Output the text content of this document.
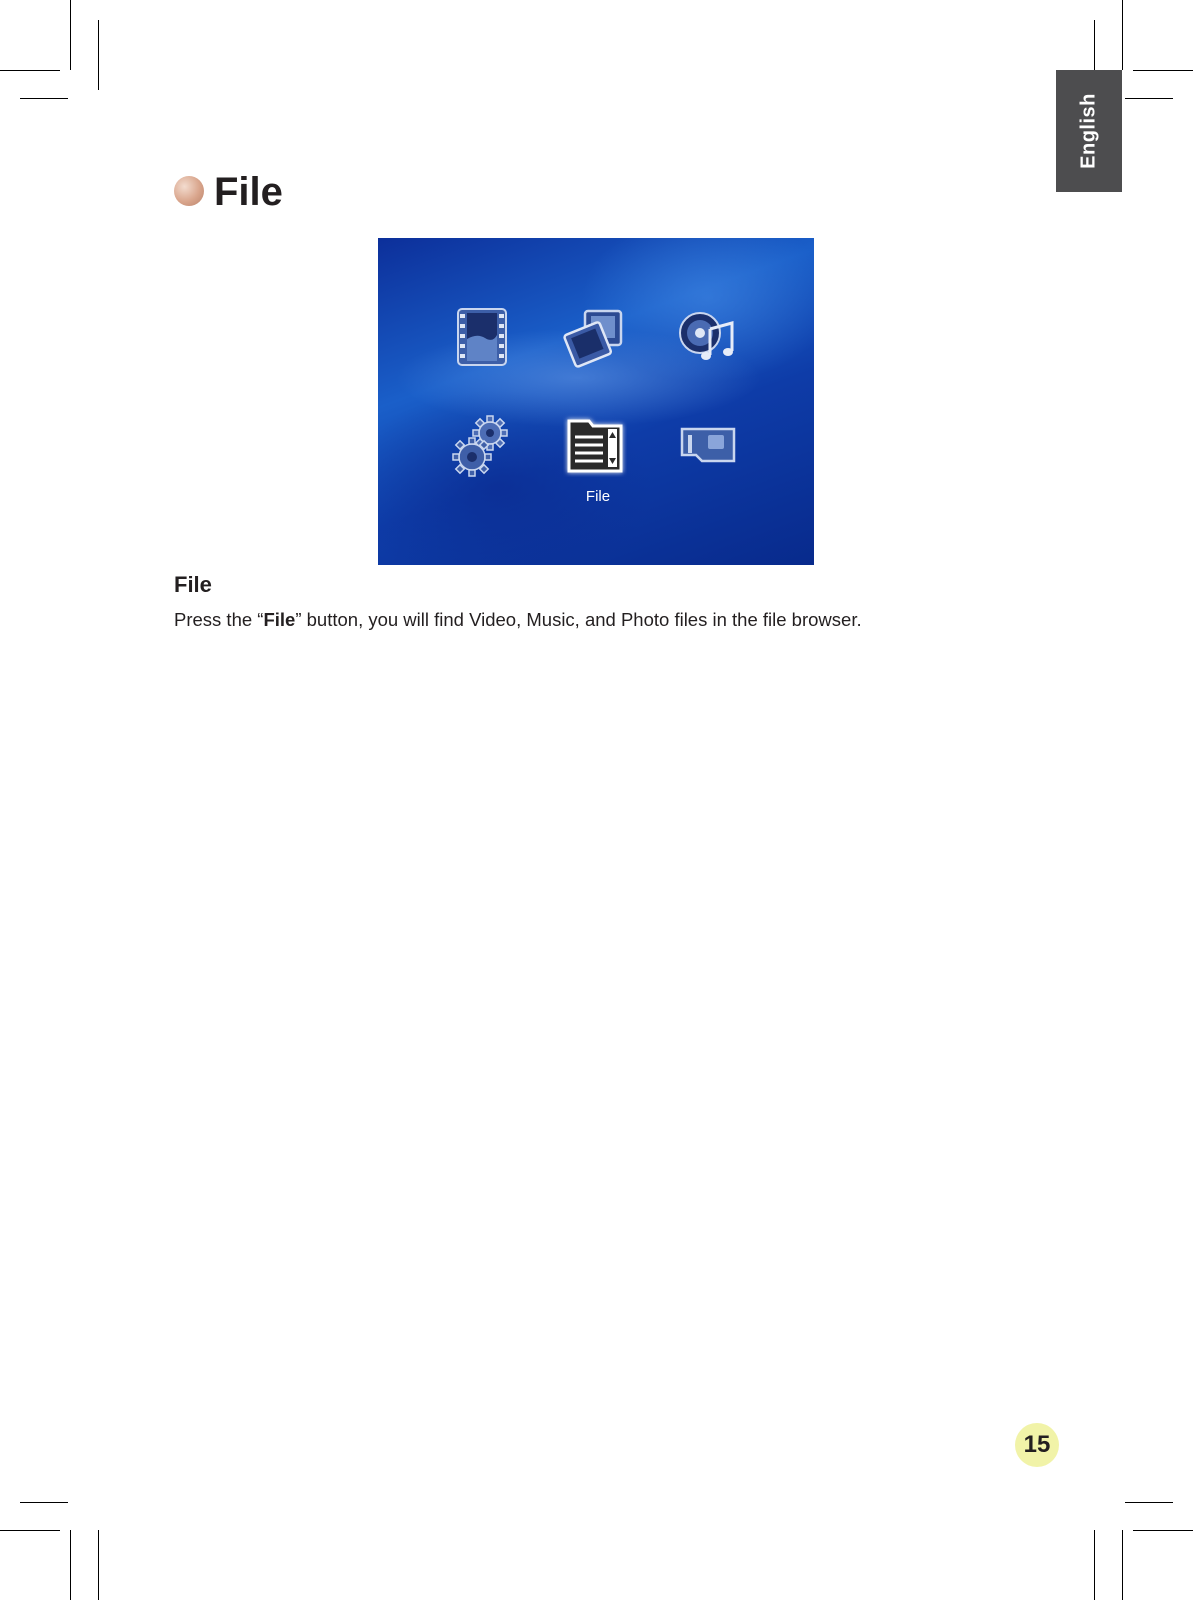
English
File
File
File

Press the “File” button, you will find Video, Music, and Photo files in the file browser.

15
